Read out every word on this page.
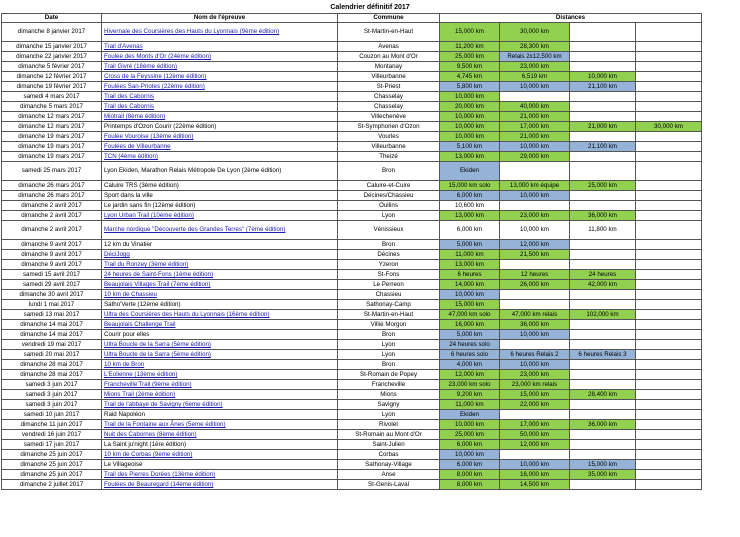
Calendrier définitif 2017
Date	Nom de l'épreuve	Commune	Distances			
dimanche 8 janvier 2017	Hivernale des Coursières des Hauts du Lyonnais (9ème édition)	St-Martin-en-Haut	15,000 km	30,000 km		
dimanche 15 janvier 2017	Trail d'Avenas	Avenas	11,200 km	28,300 km		
dimanche 22 janvier 2017	Foulée des Monts d'Or (24ème édition)	Couzon au Mont d'Or	25,000 km	Relais 2x12,500 km		
dimanche 5 février 2017	Trail Givré (18ème édition)	Montanay	9,500 km	23,000 km		
dimanche 12 février 2017	Cross de la Feyssine (12ème édition)	Villeurbanne	4,745 km	6,519 km	10,000 km	
dimanche 19 février 2017	Foulées San-Priotes (22ème édition)	St-Priest	5,800 km	10,000 km	21,100 km	
samedi 4 mars 2017	Trail des Cabornis	Chasselay	10,000 km			
dimanche 5 mars 2017	Trail des Cabornis	Chasselay	20,000 km	40,000 km		
dimanche 12 mars 2017	Miotrail (8ème édition)	Villechenève	10,000 km	21,000 km		
dimanche 12 mars 2017	Printemps d'Ozon Courir (22ème édition)	St-Symphorien d'Ozon	10,000 km	17,000 km	21,000 km	30,000 km
dimanche 19 mars 2017	Foulée Vouroise (13ème édition)	Vourles	10,000 km	21,000 km		
dimanche 19 mars 2017	Foulées de Villeurbanne	Villeurbanne	5,100 km	10,000 km	21,100 km	
dimanche 19 mars 2017	TCN (4ème édition)	Theizé	13,000 km	29,000 km		
samedi 25 mars 2017	Lyon Ekiden, Marathon Relais Métropole De Lyon (2ème édition)	Bron	Ekiden			
dimanche 26 mars 2017	Caluire TRS (3ème édition)	Caluire-et-Cuire	15,000 km solo	13,000 km équipe	25,000 km	
dimanche 26 mars 2017	Sport dans la ville	Décines/Chassieu	6,000 km	10,000 km		
dimanche 2 avril 2017	Le jardin sans fin (12ème édition)	Oullins	10,600 km			
dimanche 2 avril 2017	Lyon Urban Trail (10ème édition)	Lyon	13,000 km	23,000 km	36,000 km	
dimanche 2 avril 2017	Marche nordique "Découverte des Grandes Terres" (7ème édition)	Vénissieux	6,000 km	10,000 km	11,800 km	
dimanche 9 avril 2017	12 km du Vinatier	Bron	5,000 km	12,000 km		
dimanche 9 avril 2017	DéciJogg	Décines	11,000 km	21,500 km		
dimanche 9 avril 2017	Trail du Ronzey (3ème édition)	Yzeron	13,000 km			
samedi 15 avril 2017	24 heures de Saint-Fons (1ème édition)	St-Fons	6 heures	12 heures	24 heures	
samedi 29 avril 2017	Beaujolais Villages Trail (7ème édition)	Le Perreon	14,000 km	26,000 km	42,000 km	
dimanche 30 avril 2017	10 km de Chassieu	Chassieu	10,000 km			
lundi 1 mai 2017	Satho'Verte (12ème édition)	Sathonay-Camp	15,000 km			
samedi 13 mai 2017	Ultra des Coursières des Hauts du Lyonnais (16ème édition)	St-Martin-en-Haut	47,000 km solo	47,000 km relais	102,000 km	
dimanche 14 mai 2017	Beaujolais Challenge Trail	Villié Morgon	16,000 km	36,000 km		
dimanche 14 mai 2017	Courir pour elles	Bron	5,000 km	10,000 km		
vendredi 19 mai 2017	Ultra Boucle de la Sarra (5ème édition)	Lyon	24 heures solo			
samedi 20 mai 2017	Ultra Boucle de la Sarra (5ème édition)	Lyon	6 heures solo	6 heures Relais 2	6 heures Relais 3	
dimanche 28 mai 2017	10 km de Bron	Bron	4,000 km	10,000 km		
dimanche 28 mai 2017	L'Eolienne (13ème édition)	St-Romain de Popey	12,000 km	23,000 km		
samedi 3 juin 2017	Francheville'Trail (9ème édition)	Francheville	23,000 km solo	23,000 km relais		
samedi 3 juin 2017	Mions Trail (2ème édition)	Mions	9,200 km	15,000 km	28,400 km	
samedi 3 juin 2017	Trail de l'abbaye de Savigny (6ème édition)	Savigny	11,000 km	22,000 km		
samedi 10 juin 2017	Raid Napoléon	Lyon	Ekiden			
dimanche 11 juin 2017	Trail de la Fontaine aux Ânes (5eme édition)	Rivolet	10,000 km	17,000 km	36,000 km	
vendredi 16 juin 2017	Nuit des Cabornes (8ème édition)	St-Romain au Mont d'Or	25,000 km	50,000 km		
samedi 17 juin 2017	La Saint ju'night (1ère édition)	Saint-Julien	6,000 km	12,000 km		
dimanche 25 juin 2017	10 km de Corbas (9ème édition)	Corbas	10,000 km			
dimanche 25 juin 2017	Le Villageoise	Sathonay-Village	6,000 km	10,000 km	15,000 km	
dimanche 25 juin 2017	Trail des Pierres Dorées (13ème édition)	Anse	8,000 km	16,000 km	35,000 km	
dimanche 2 juillet 2017	Foulées de Beauregard (14ème édition)	St-Genis-Laval	8,000 km	14,500 km		
